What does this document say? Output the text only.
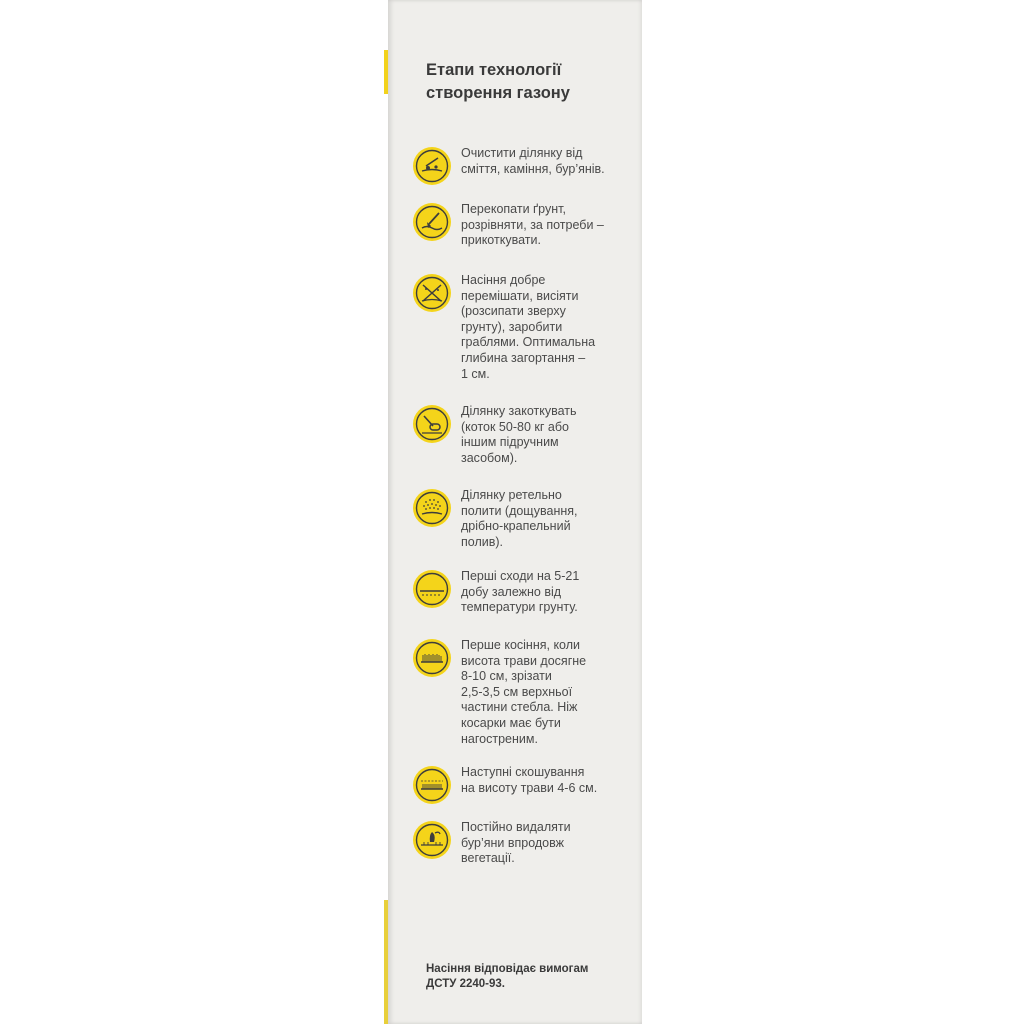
Етапи технології
створення газону
Очистити ділянку від
сміття, каміння, бур’янів.
Перекопати ґрунт,
розрівняти, за потреби –
прикоткувати.
Насіння добре
перемішати, висіяти
(розсипати зверху
грунту), заробити
граблями. Оптимальна
глибина загортання –
1 см.
Ділянку закоткувать
(коток 50-80 кг або
іншим підручним
засобом).
Ділянку ретельно
полити (дощування,
дрібно-крапельний
полив).
Перші сходи на 5-21
добу залежно від
температури грунту.
Перше косіння, коли
висота трави досягне
8-10 см, зрізати
2,5-3,5 см верхньої
частини стебла. Ніж
косарки має бути
нагостреним.
Наступні скошування
на висоту трави 4-6 см.
Постійно видаляти
бур’яни впродовж
вегетації.
Насіння відповідає вимогам
ДСТУ 2240-93.
